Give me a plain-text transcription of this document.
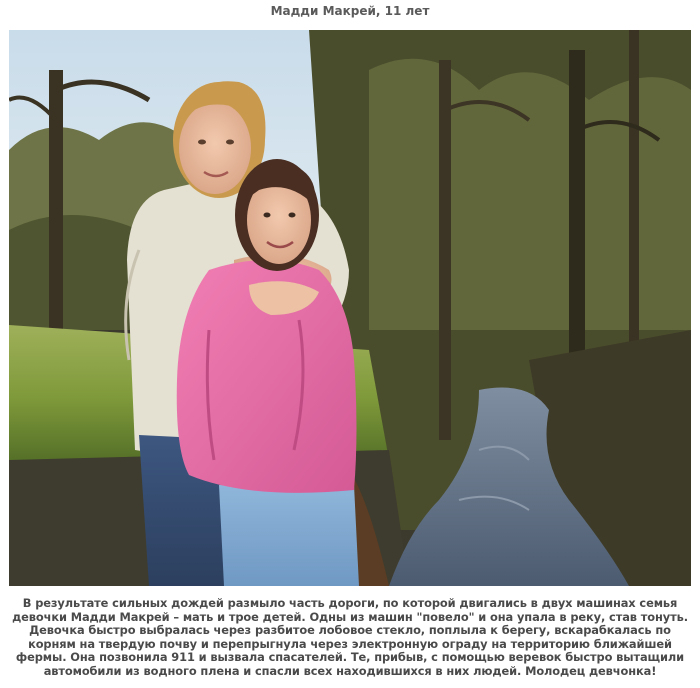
Мадди Макрей, 11 лет
В результате сильных дождей размыло часть дороги, по которой двигались в двух машинах семья
девочки Мадди Макрей – мать и трое детей. Одны из машин "повело" и она упала в реку, став тонуть.
Девочка быстро выбралась через разбитое лобовое стекло, поплыла к берегу, вскарабкалась по
корням на твердую почву и перепрыгнула через электронную ограду на территорию ближайшей
фермы. Она позвонила 911 и вызвала спасателей. Те, прибыв, с помощью веревок быстро вытащили
автомобили из водного плена и спасли всех находившихся в них людей. Молодец девчонка!
